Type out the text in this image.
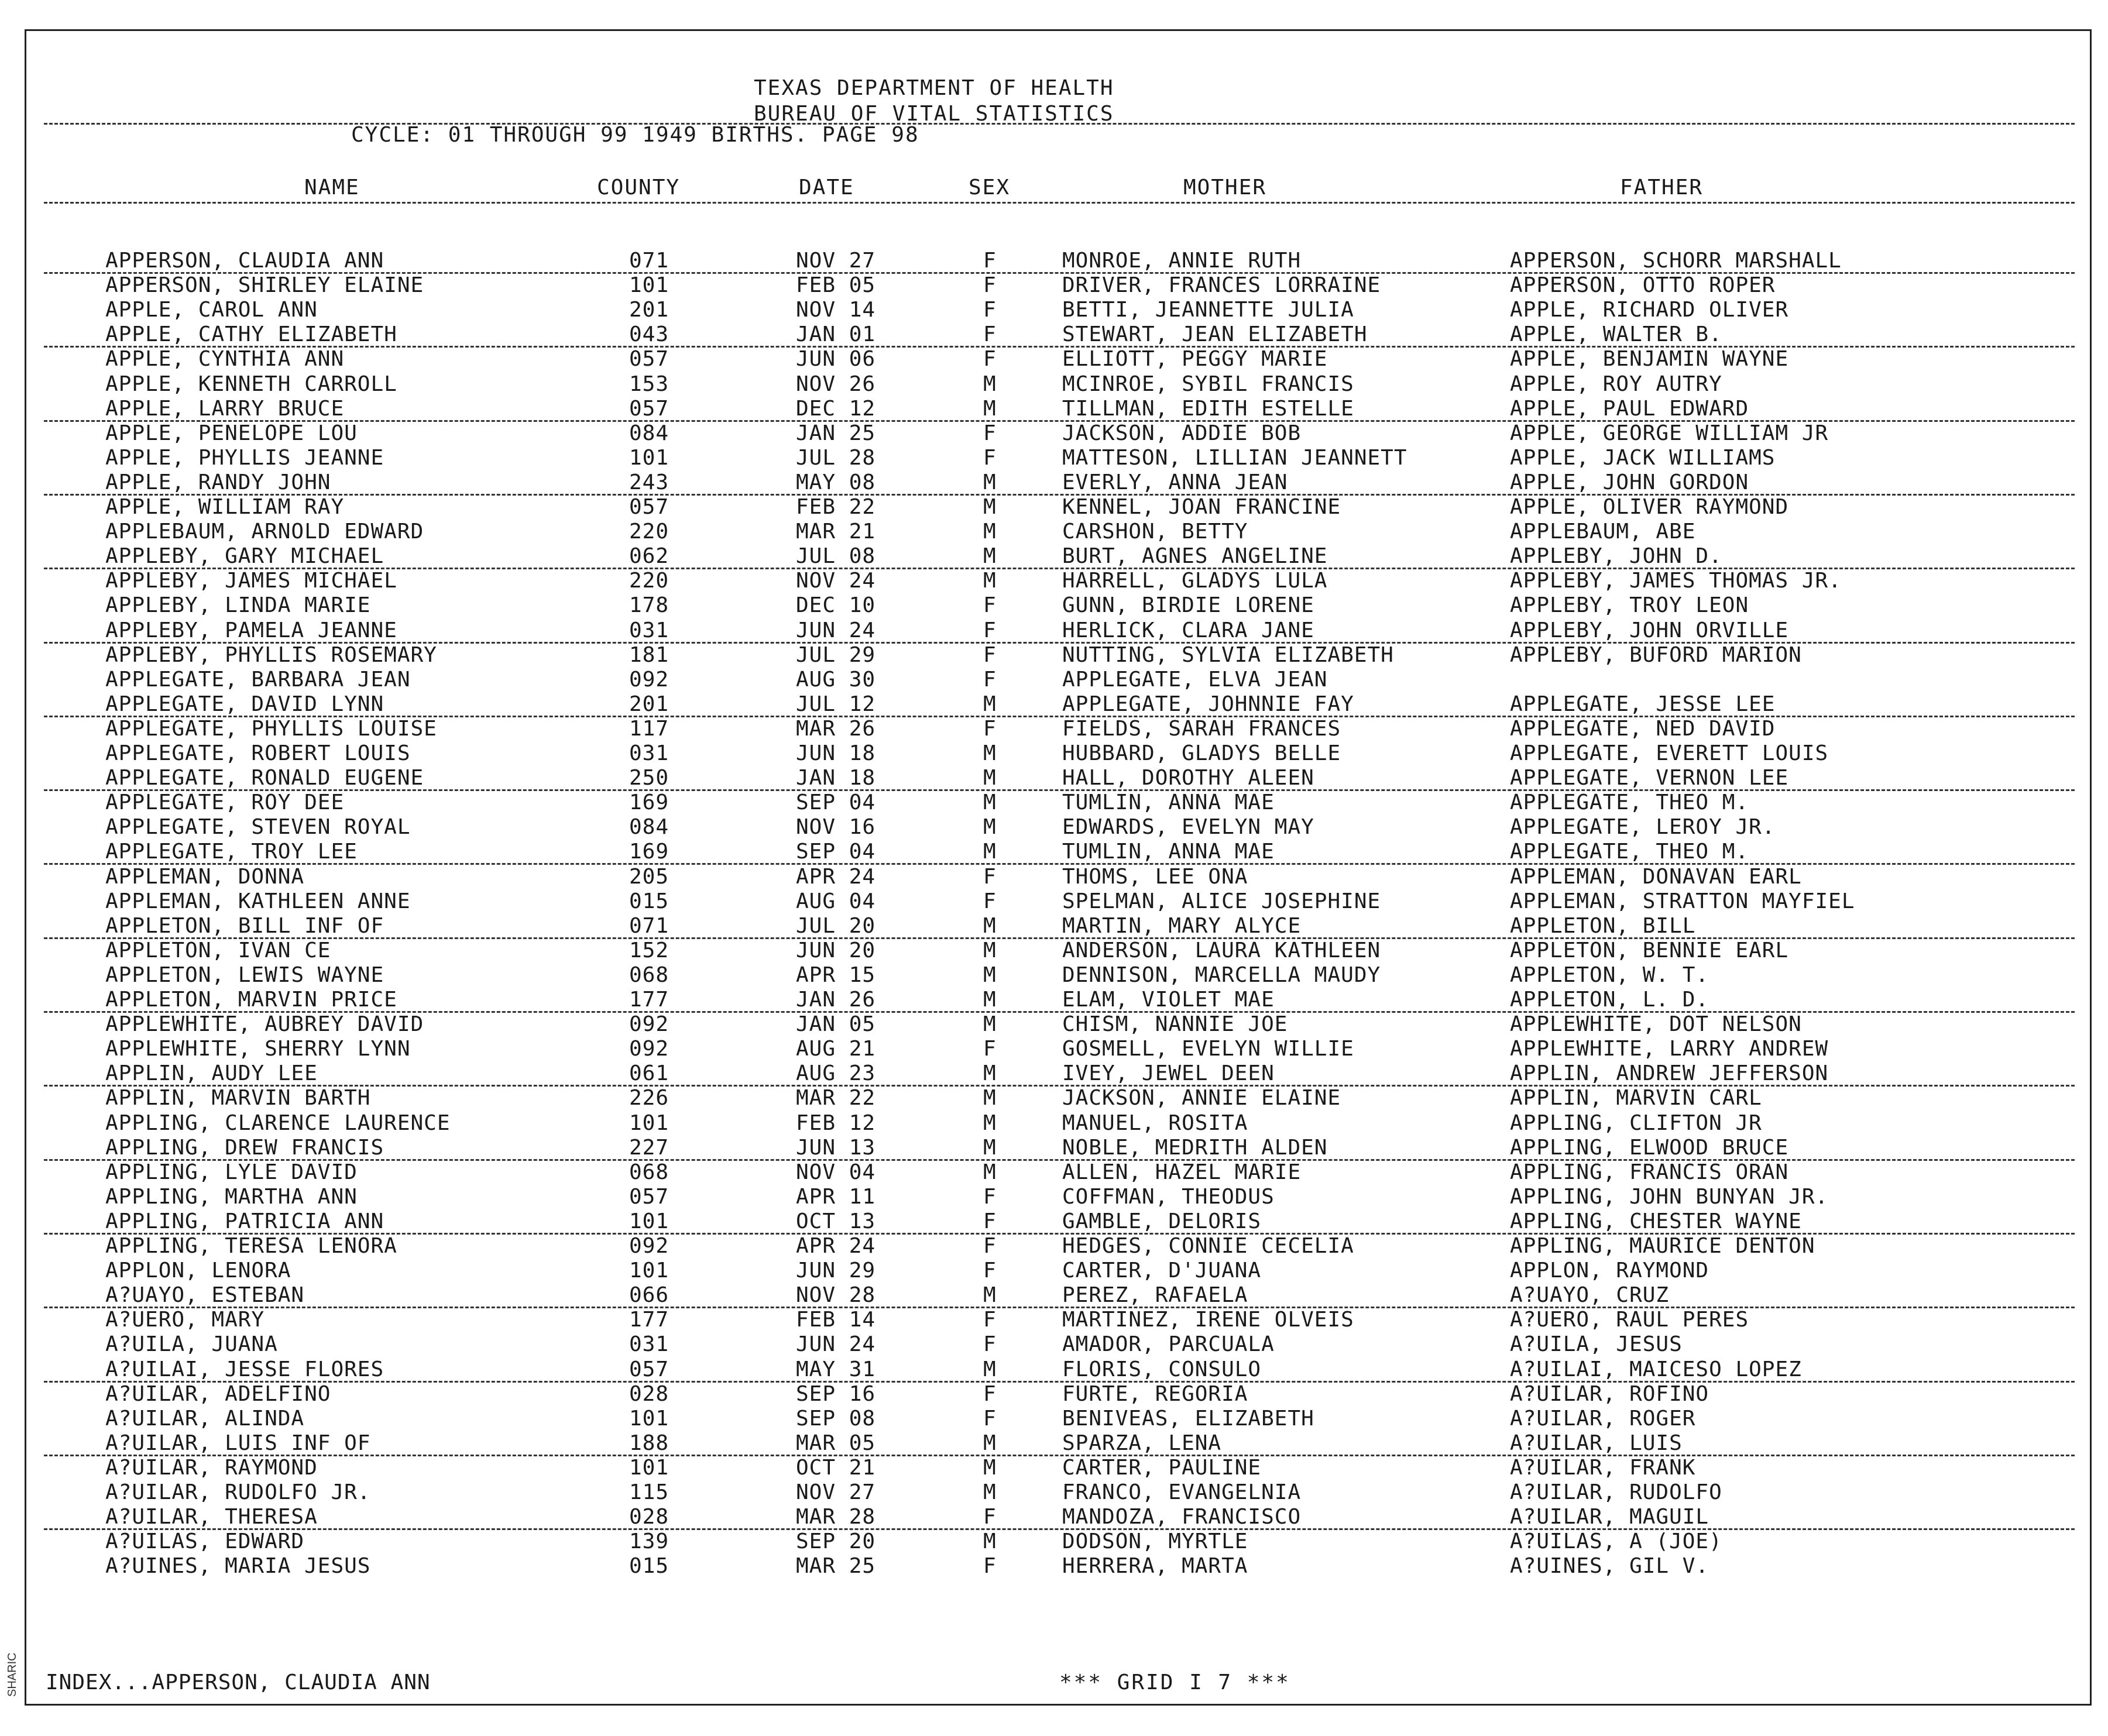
SHARIC
TEXAS DEPARTMENT OF HEALTH
BUREAU OF VITAL STATISTICS
CYCLE: 01 THROUGH 99 1949 BIRTHS. PAGE 98
NAME	COUNTY	DATE	SEX	MOTHER	FATHER
APPERSON, CLAUDIA ANN	071	NOV 27	F	MONROE, ANNIE RUTH	APPERSON, SCHORR MARSHALL
APPERSON, SHIRLEY ELAINE	101	FEB 05	F	DRIVER, FRANCES LORRAINE	APPERSON, OTTO ROPER
APPLE, CAROL ANN	201	NOV 14	F	BETTI, JEANNETTE JULIA	APPLE, RICHARD OLIVER
APPLE, CATHY ELIZABETH	043	JAN 01	F	STEWART, JEAN ELIZABETH	APPLE, WALTER B.
APPLE, CYNTHIA ANN	057	JUN 06	F	ELLIOTT, PEGGY MARIE	APPLE, BENJAMIN WAYNE
APPLE, KENNETH CARROLL	153	NOV 26	M	MCINROE, SYBIL FRANCIS	APPLE, ROY AUTRY
APPLE, LARRY BRUCE	057	DEC 12	M	TILLMAN, EDITH ESTELLE	APPLE, PAUL EDWARD
APPLE, PENELOPE LOU	084	JAN 25	F	JACKSON, ADDIE BOB	APPLE, GEORGE WILLIAM JR
APPLE, PHYLLIS JEANNE	101	JUL 28	F	MATTESON, LILLIAN JEANNETT	APPLE, JACK WILLIAMS
APPLE, RANDY JOHN	243	MAY 08	M	EVERLY, ANNA JEAN	APPLE, JOHN GORDON
APPLE, WILLIAM RAY	057	FEB 22	M	KENNEL, JOAN FRANCINE	APPLE, OLIVER RAYMOND
APPLEBAUM, ARNOLD EDWARD	220	MAR 21	M	CARSHON, BETTY	APPLEBAUM, ABE
APPLEBY, GARY MICHAEL	062	JUL 08	M	BURT, AGNES ANGELINE	APPLEBY, JOHN D.
APPLEBY, JAMES MICHAEL	220	NOV 24	M	HARRELL, GLADYS LULA	APPLEBY, JAMES THOMAS JR.
APPLEBY, LINDA MARIE	178	DEC 10	F	GUNN, BIRDIE LORENE	APPLEBY, TROY LEON
APPLEBY, PAMELA JEANNE	031	JUN 24	F	HERLICK, CLARA JANE	APPLEBY, JOHN ORVILLE
APPLEBY, PHYLLIS ROSEMARY	181	JUL 29	F	NUTTING, SYLVIA ELIZABETH	APPLEBY, BUFORD MARION
APPLEGATE, BARBARA JEAN	092	AUG 30	F	APPLEGATE, ELVA JEAN
APPLEGATE, DAVID LYNN	201	JUL 12	M	APPLEGATE, JOHNNIE FAY	APPLEGATE, JESSE LEE
APPLEGATE, PHYLLIS LOUISE	117	MAR 26	F	FIELDS, SARAH FRANCES	APPLEGATE, NED DAVID
APPLEGATE, ROBERT LOUIS	031	JUN 18	M	HUBBARD, GLADYS BELLE	APPLEGATE, EVERETT LOUIS
APPLEGATE, RONALD EUGENE	250	JAN 18	M	HALL, DOROTHY ALEEN	APPLEGATE, VERNON LEE
APPLEGATE, ROY DEE	169	SEP 04	M	TUMLIN, ANNA MAE	APPLEGATE, THEO M.
APPLEGATE, STEVEN ROYAL	084	NOV 16	M	EDWARDS, EVELYN MAY	APPLEGATE, LEROY JR.
APPLEGATE, TROY LEE	169	SEP 04	M	TUMLIN, ANNA MAE	APPLEGATE, THEO M.
APPLEMAN, DONNA	205	APR 24	F	THOMS, LEE ONA	APPLEMAN, DONAVAN EARL
APPLEMAN, KATHLEEN ANNE	015	AUG 04	F	SPELMAN, ALICE JOSEPHINE	APPLEMAN, STRATTON MAYFIEL
APPLETON, BILL INF OF	071	JUL 20	M	MARTIN, MARY ALYCE	APPLETON, BILL
APPLETON, IVAN CE	152	JUN 20	M	ANDERSON, LAURA KATHLEEN	APPLETON, BENNIE EARL
APPLETON, LEWIS WAYNE	068	APR 15	M	DENNISON, MARCELLA MAUDY	APPLETON, W. T.
APPLETON, MARVIN PRICE	177	JAN 26	M	ELAM, VIOLET MAE	APPLETON, L. D.
APPLEWHITE, AUBREY DAVID	092	JAN 05	M	CHISM, NANNIE JOE	APPLEWHITE, DOT NELSON
APPLEWHITE, SHERRY LYNN	092	AUG 21	F	GOSMELL, EVELYN WILLIE	APPLEWHITE, LARRY ANDREW
APPLIN, AUDY LEE	061	AUG 23	M	IVEY, JEWEL DEEN	APPLIN, ANDREW JEFFERSON
APPLIN, MARVIN BARTH	226	MAR 22	M	JACKSON, ANNIE ELAINE	APPLIN, MARVIN CARL
APPLING, CLARENCE LAURENCE	101	FEB 12	M	MANUEL, ROSITA	APPLING, CLIFTON JR
APPLING, DREW FRANCIS	227	JUN 13	M	NOBLE, MEDRITH ALDEN	APPLING, ELWOOD BRUCE
APPLING, LYLE DAVID	068	NOV 04	M	ALLEN, HAZEL MARIE	APPLING, FRANCIS ORAN
APPLING, MARTHA ANN	057	APR 11	F	COFFMAN, THEODUS	APPLING, JOHN BUNYAN JR.
APPLING, PATRICIA ANN	101	OCT 13	F	GAMBLE, DELORIS	APPLING, CHESTER WAYNE
APPLING, TERESA LENORA	092	APR 24	F	HEDGES, CONNIE CECELIA	APPLING, MAURICE DENTON
APPLON, LENORA	101	JUN 29	F	CARTER, D'JUANA	APPLON, RAYMOND
A?UAYO, ESTEBAN	066	NOV 28	M	PEREZ, RAFAELA	A?UAYO, CRUZ
A?UERO, MARY	177	FEB 14	F	MARTINEZ, IRENE OLVEIS	A?UERO, RAUL PERES
A?UILA, JUANA	031	JUN 24	F	AMADOR, PARCUALA	A?UILA, JESUS
A?UILAI, JESSE FLORES	057	MAY 31	M	FLORIS, CONSULO	A?UILAI, MAICESO LOPEZ
A?UILAR, ADELFINO	028	SEP 16	F	FURTE, REGORIA	A?UILAR, ROFINO
A?UILAR, ALINDA	101	SEP 08	F	BENIVEAS, ELIZABETH	A?UILAR, ROGER
A?UILAR, LUIS INF OF	188	MAR 05	M	SPARZA, LENA	A?UILAR, LUIS
A?UILAR, RAYMOND	101	OCT 21	M	CARTER, PAULINE	A?UILAR, FRANK
A?UILAR, RUDOLFO JR.	115	NOV 27	M	FRANCO, EVANGELNIA	A?UILAR, RUDOLFO
A?UILAR, THERESA	028	MAR 28	F	MANDOZA, FRANCISCO	A?UILAR, MAGUIL
A?UILAS, EDWARD	139	SEP 20	M	DODSON, MYRTLE	A?UILAS, A (JOE)
A?UINES, MARIA JESUS	015	MAR 25	F	HERRERA, MARTA	A?UINES, GIL V.
INDEX...APPERSON, CLAUDIA ANN	*** GRID I 7 ***
